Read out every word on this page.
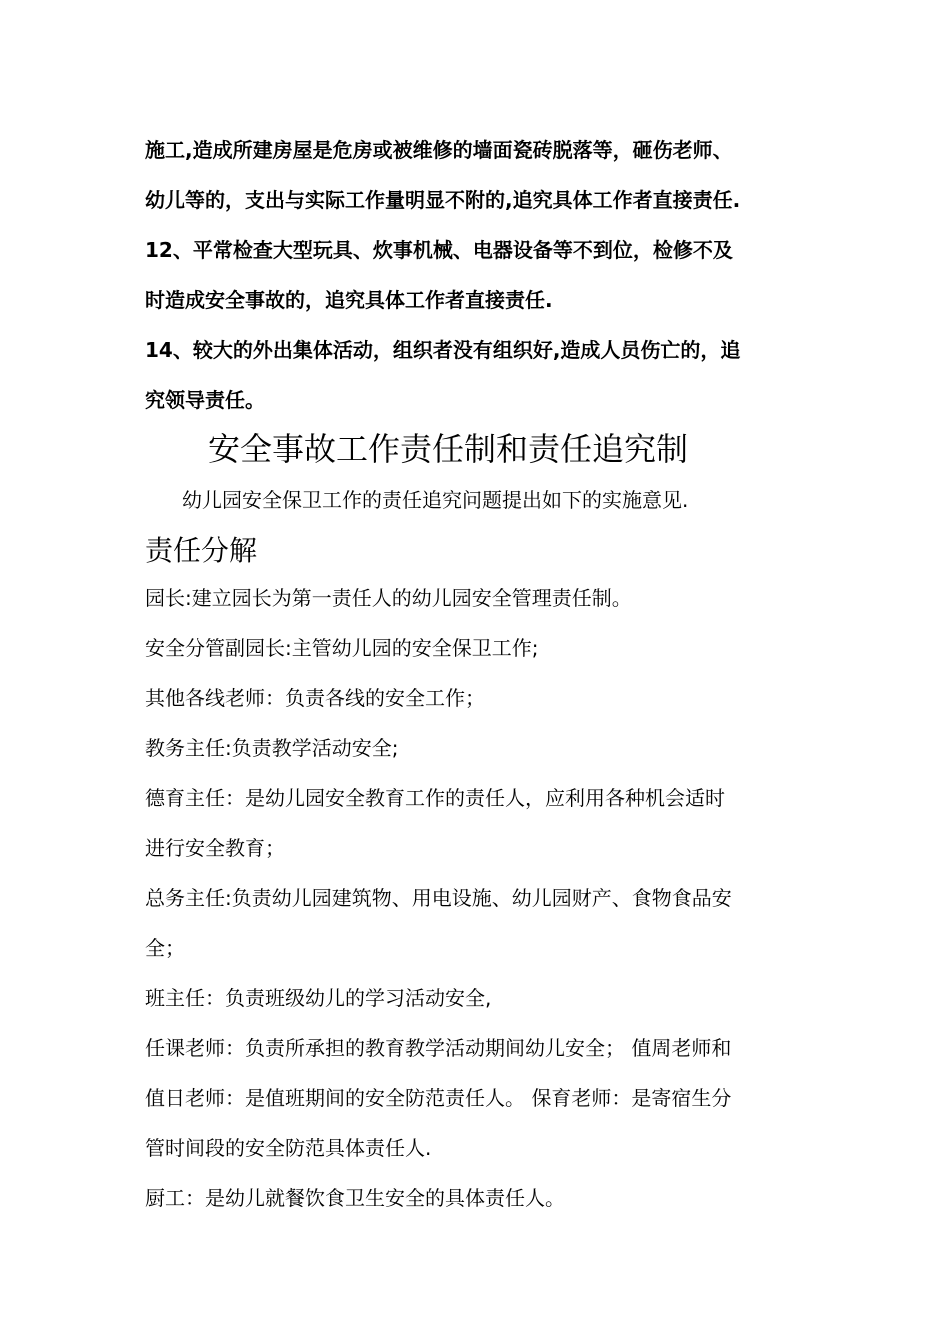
施工,造成所建房屋是危房或被维修的墙面瓷砖脱落等，砸伤老师、
幼儿等的，支出与实际工作量明显不附的,追究具体工作者直接责任.
12、平常检查大型玩具、炊事机械、电器设备等不到位，检修不及
时造成安全事故的，追究具体工作者直接责任.
14、较大的外出集体活动，组织者没有组织好,造成人员伤亡的，追
究领导责任。
安全事故工作责任制和责任追究制
幼儿园安全保卫工作的责任追究问题提出如下的实施意见.
责任分解
园长:建立园长为第一责任人的幼儿园安全管理责任制。
安全分管副园长:主管幼儿园的安全保卫工作;
其他各线老师：负责各线的安全工作；
教务主任:负责教学活动安全;
德育主任：是幼儿园安全教育工作的责任人，应利用各种机会适时
进行安全教育；
总务主任:负责幼儿园建筑物、用电设施、幼儿园财产、食物食品安
全；
班主任：负责班级幼儿的学习活动安全,
任课老师：负责所承担的教育教学活动期间幼儿安全； 值周老师和
值日老师：是值班期间的安全防范责任人。 保育老师：是寄宿生分
管时间段的安全防范具体责任人.
厨工：是幼儿就餐饮食卫生安全的具体责任人。
